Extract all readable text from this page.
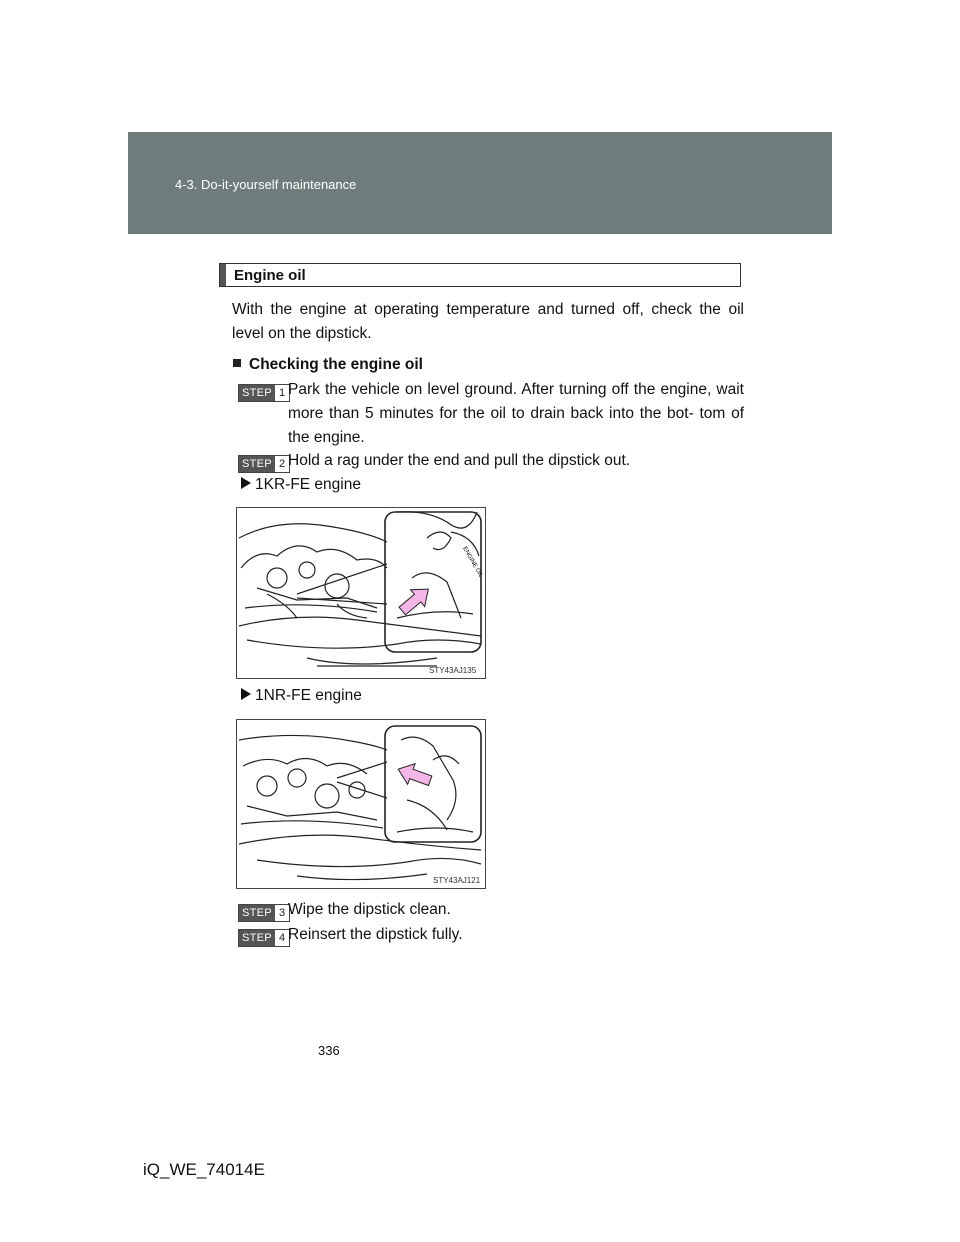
4-3. Do-it-yourself maintenance
Engine oil
With the engine at operating temperature and turned off, check the oil level on the dipstick.
Checking the engine oil
STEP 1 Park the vehicle on level ground. After turning off the engine, wait more than 5 minutes for the oil to drain back into the bot- tom of the engine.
STEP 2 Hold a rag under the end and pull the dipstick out.
1KR-FE engine
ENGINE OIL
STY43AJ135
1NR-FE engine
STY43AJ121
STEP 3 Wipe the dipstick clean.
STEP 4 Reinsert the dipstick fully.
336
iQ_WE_74014E
